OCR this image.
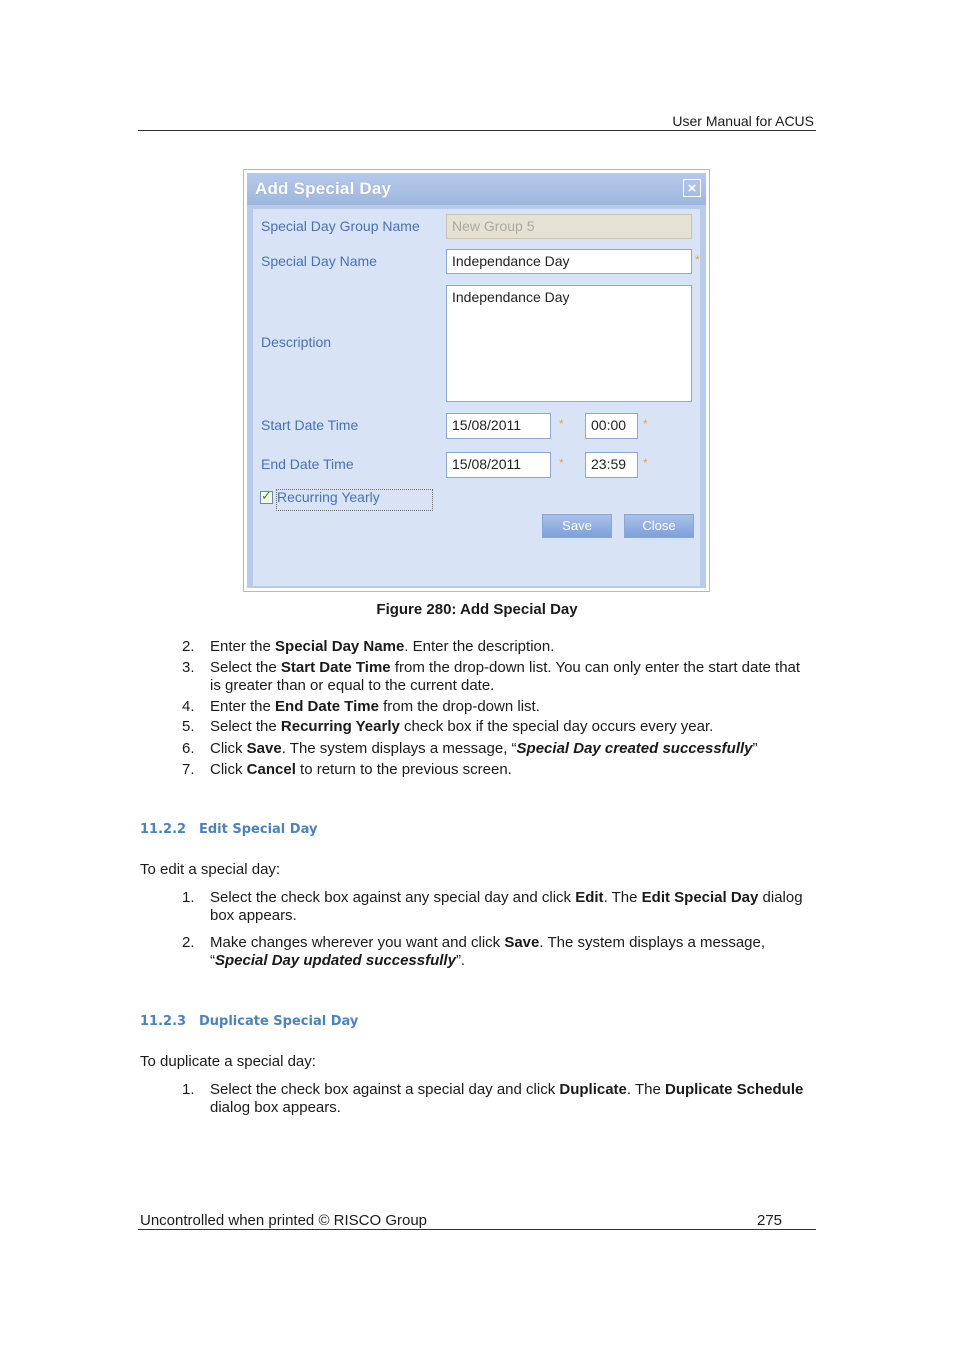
User Manual for ACUS
Add Special Day	×
Special Day Group Name	New Group 5
Special Day Name	Independance Day	*
Description
Independance Day
Start Date Time	15/08/2011	*	00:00	*
End Date Time	15/08/2011	*	23:59	*
✓ Recurring Yearly
Save	Close
Figure 280: Add Special Day
2. Enter the Special Day Name. Enter the description.
3. Select the Start Date Time from the drop-down list. You can only enter the start date that is greater than or equal to the current date.
4. Enter the End Date Time from the drop-down list.
5. Select the Recurring Yearly check box if the special day occurs every year.
6. Click Save. The system displays a message, “Special Day created successfully”
7. Click Cancel to return to the previous screen.
11.2.2 Edit Special Day
To edit a special day:
1. Select the check box against any special day and click Edit. The Edit Special Day dialog box appears.
2. Make changes wherever you want and click Save. The system displays a message, “Special Day updated successfully”.
11.2.3 Duplicate Special Day
To duplicate a special day:
1. Select the check box against a special day and click Duplicate. The Duplicate Schedule dialog box appears.
Uncontrolled when printed © RISCO Group	275
